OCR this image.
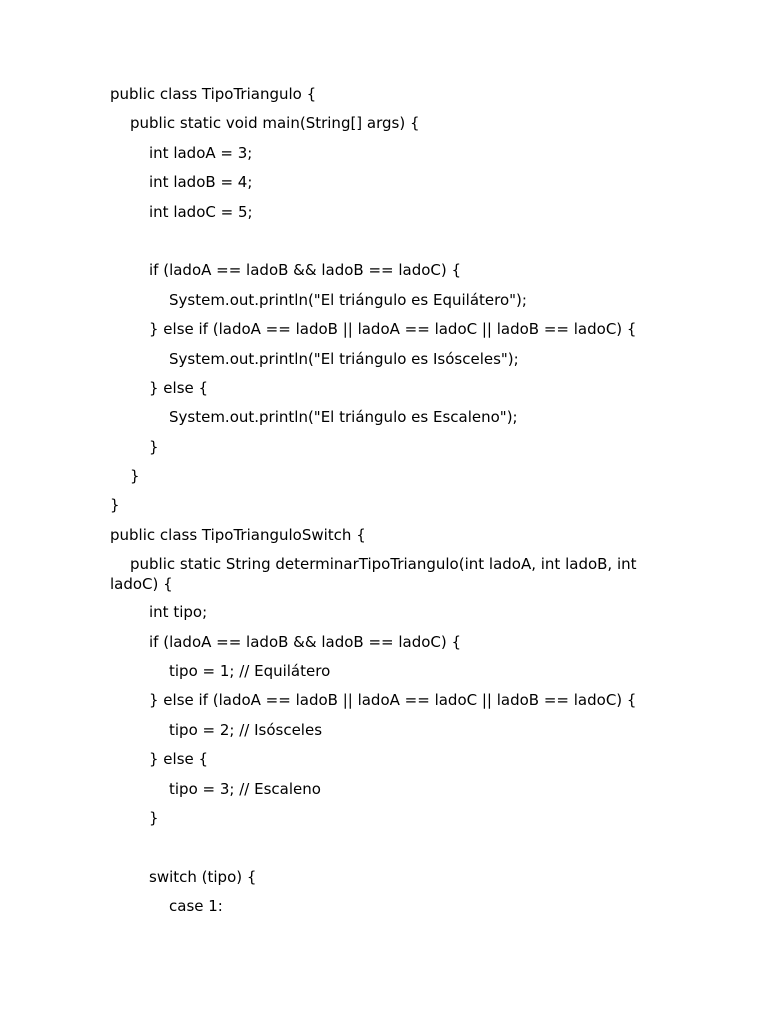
public class TipoTriangulo {
public static void main(String[] args) {
int ladoA = 3;
int ladoB = 4;
int ladoC = 5;
if (ladoA == ladoB && ladoB == ladoC) {
System.out.println("El triángulo es Equilátero");
} else if (ladoA == ladoB || ladoA == ladoC || ladoB == ladoC) {
System.out.println("El triángulo es Isósceles");
} else {
System.out.println("El triángulo es Escaleno");
}
}
}
public class TipoTrianguloSwitch {
public static String determinarTipoTriangulo(int ladoA, int ladoB, int ladoC) {
int tipo;
if (ladoA == ladoB && ladoB == ladoC) {
tipo = 1; // Equilátero
} else if (ladoA == ladoB || ladoA == ladoC || ladoB == ladoC) {
tipo = 2; // Isósceles
} else {
tipo = 3; // Escaleno
}
switch (tipo) {
case 1:
